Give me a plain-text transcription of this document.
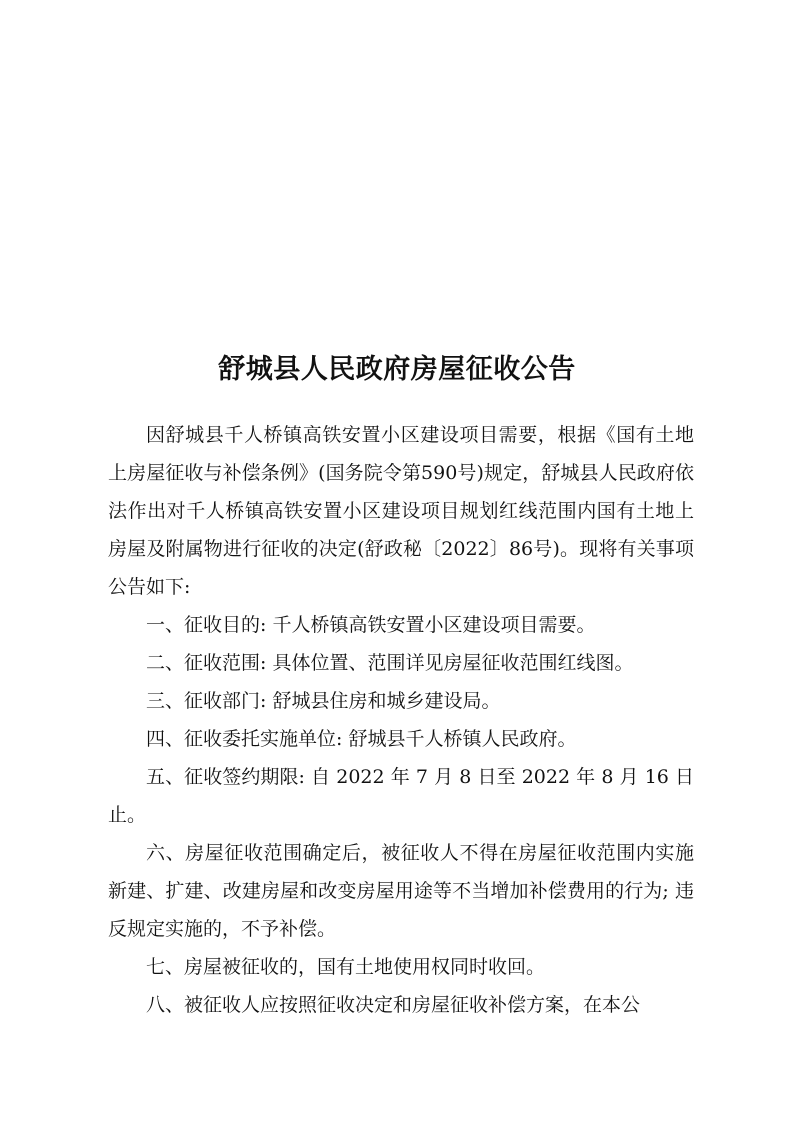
舒城县人民政府房屋征收公告

因舒城县千人桥镇高铁安置小区建设项目需要，根据《国有土地上房屋征收与补偿条例》(国务院令第590号)规定，舒城县人民政府依法作出对千人桥镇高铁安置小区建设项目规划红线范围内国有土地上房屋及附属物进行征收的决定(舒政秘〔2022〕86号)。现将有关事项公告如下:

一、征收目的: 千人桥镇高铁安置小区建设项目需要。

二、征收范围: 具体位置、范围详见房屋征收范围红线图。

三、征收部门: 舒城县住房和城乡建设局。

四、征收委托实施单位: 舒城县千人桥镇人民政府。

五、征收签约期限: 自 2022 年 7 月 8 日至 2022 年 8 月 16 日止。

六、房屋征收范围确定后，被征收人不得在房屋征收范围内实施新建、扩建、改建房屋和改变房屋用途等不当增加补偿费用的行为; 违反规定实施的，不予补偿。

七、房屋被征收的，国有土地使用权同时收回。

八、被征收人应按照征收决定和房屋征收补偿方案，在本公
